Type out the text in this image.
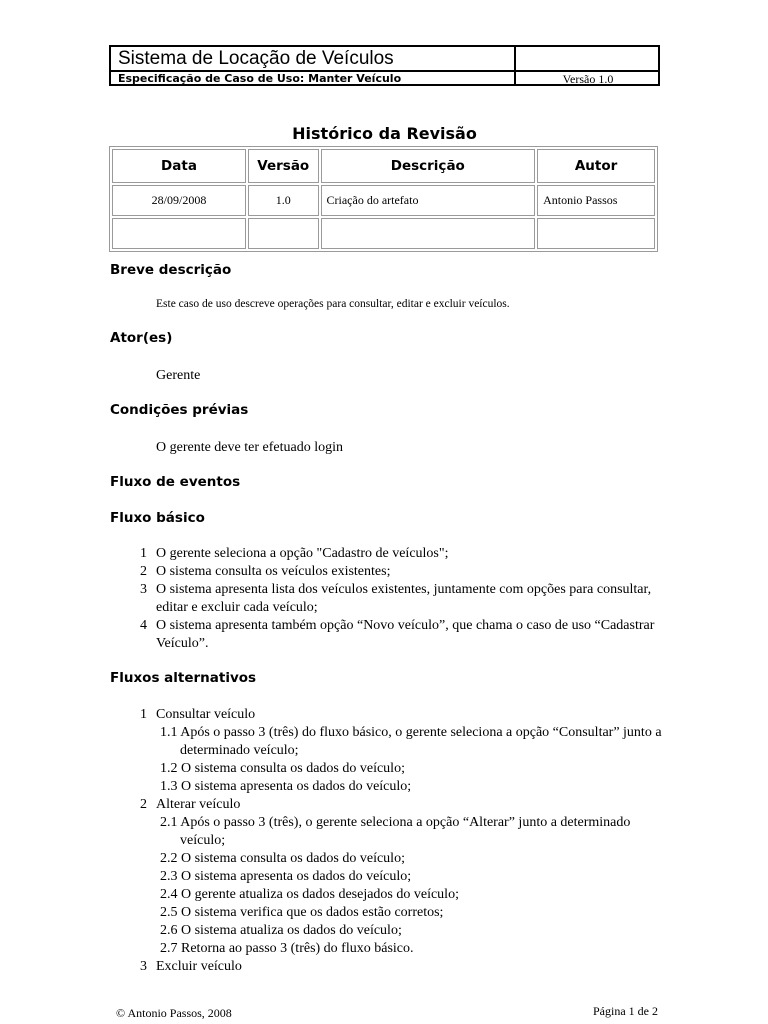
Sistema de Locação de Veículos
Especificação de Caso de Uso: Manter Veículo	Versão 1.0
Histórico da Revisão
Data	Versão	Descrição	Autor
28/09/2008	1.0	Criação do artefato	Antonio Passos

Breve descrição
Este caso de uso descreve operações para consultar, editar e excluir veículos.
Ator(es)
Gerente
Condições prévias
O gerente deve ter efetuado login
Fluxo de eventos
Fluxo básico
1 O gerente seleciona a opção "Cadastro de veículos";
2 O sistema consulta os veículos existentes;
3 O sistema apresenta lista dos veículos existentes, juntamente com opções para consultar, editar e excluir cada veículo;
4 O sistema apresenta também opção “Novo veículo”, que chama o caso de uso “Cadastrar Veículo”.
Fluxos alternativos
1 Consultar veículo
1.1 Após o passo 3 (três) do fluxo básico, o gerente seleciona a opção “Consultar” junto a determinado veículo;
1.2 O sistema consulta os dados do veículo;
1.3 O sistema apresenta os dados do veículo;
2 Alterar veículo
2.1 Após o passo 3 (três), o gerente seleciona a opção “Alterar” junto a determinado veículo;
2.2 O sistema consulta os dados do veículo;
2.3 O sistema apresenta os dados do veículo;
2.4 O gerente atualiza os dados desejados do veículo;
2.5 O sistema verifica que os dados estão corretos;
2.6 O sistema atualiza os dados do veículo;
2.7 Retorna ao passo 3 (três) do fluxo básico.
3 Excluir veículo
© Antonio Passos, 2008	Página 1 de 2
